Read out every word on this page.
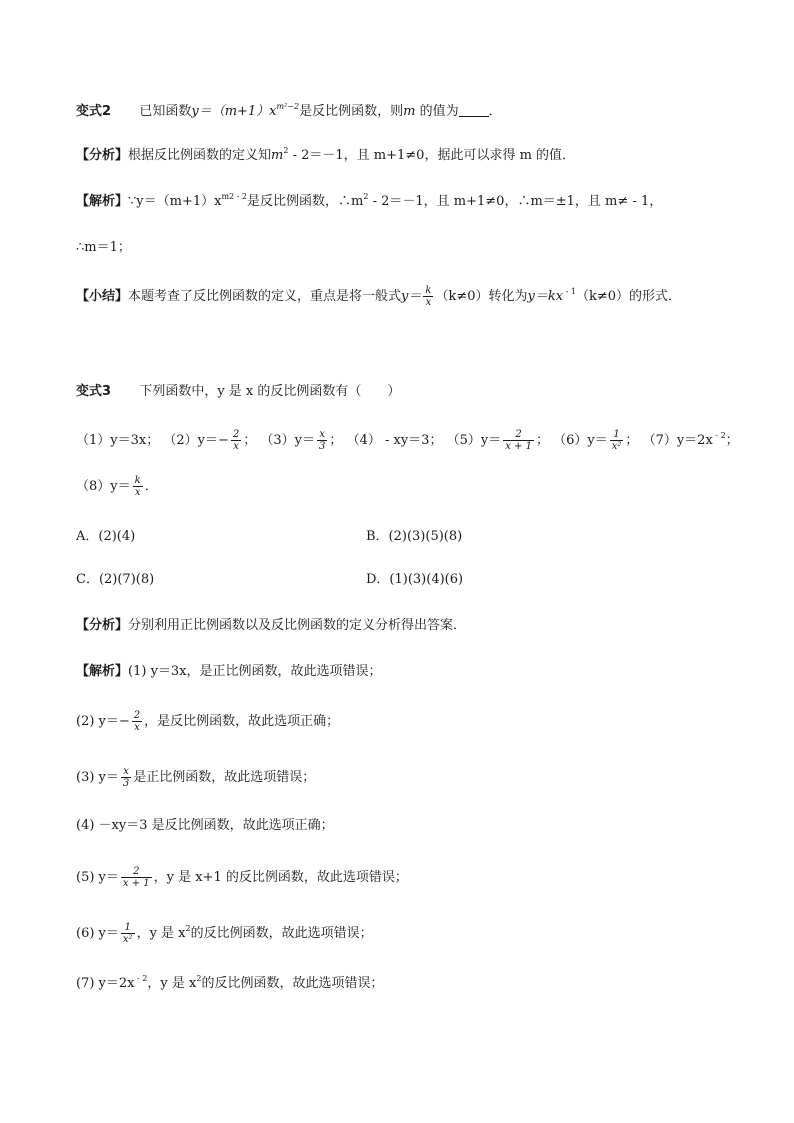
变式2 已知函数$y=(m+1)x^{m^2-2}$是反比例函数，则m 的值为 ．
【分析】根据反比例函数的定义知$m^2 - 2=-1$，且 m+1≠0，据此可以求得 m 的值．
【解析】$\because y=(m+1)x^{m2 - 2}$是反比例函数，$\therefore m^2 - 2=-1$，且 m+1≠0，∴m＝±1，且 m≠ - 1，
∴m＝1；
【小结】本题考查了反比例函数的定义，重点是将一般式$y= \frac{k}{x} (k\ne 0)$转化为y＝kx $^{- 1}$（k≠0）的形式．
变式3 下列函数中，y 是 x 的反比例函数有（　　）
（1）y＝3x； $(2)y=- \frac{2}{x}$ ； $(3)y= \frac{x}{3}$ ； （4） - xy＝3； $(5)y= \frac{2}{x + 1}$ ； $(6)y= \frac{1}{\text{x²}}$ ； （7）y＝2x $^{- 2}$；
$(8)y= \frac{k}{x}$ ．
A．(2)(4)	B．(2)(3)(5)(8)
C．(2)(7)(8)	D．(1)(3)(4)(6)
【分析】分别利用正比例函数以及反比例函数的定义分析得出答案．
【解析】(1) y＝3x，是正比例函数，故此选项错误；
(2) $y=- \frac{2}{x}$ ，是反比例函数，故此选项正确；
(3) $y= \frac{x}{3}$ 是正比例函数，故此选项错误；
(4) －xy＝3 是反比例函数，故此选项正确；
(5) $y= \frac{2}{x + 1}$ ，y 是 x+1 的反比例函数，故此选项错误；
(6) $y= \frac{1}{\text{x²}}$ ，y 是 $x^2$的反比例函数，故此选项错误；
(7) y＝2x $^{- 2}$，y 是 $x^2$的反比例函数，故此选项错误；
